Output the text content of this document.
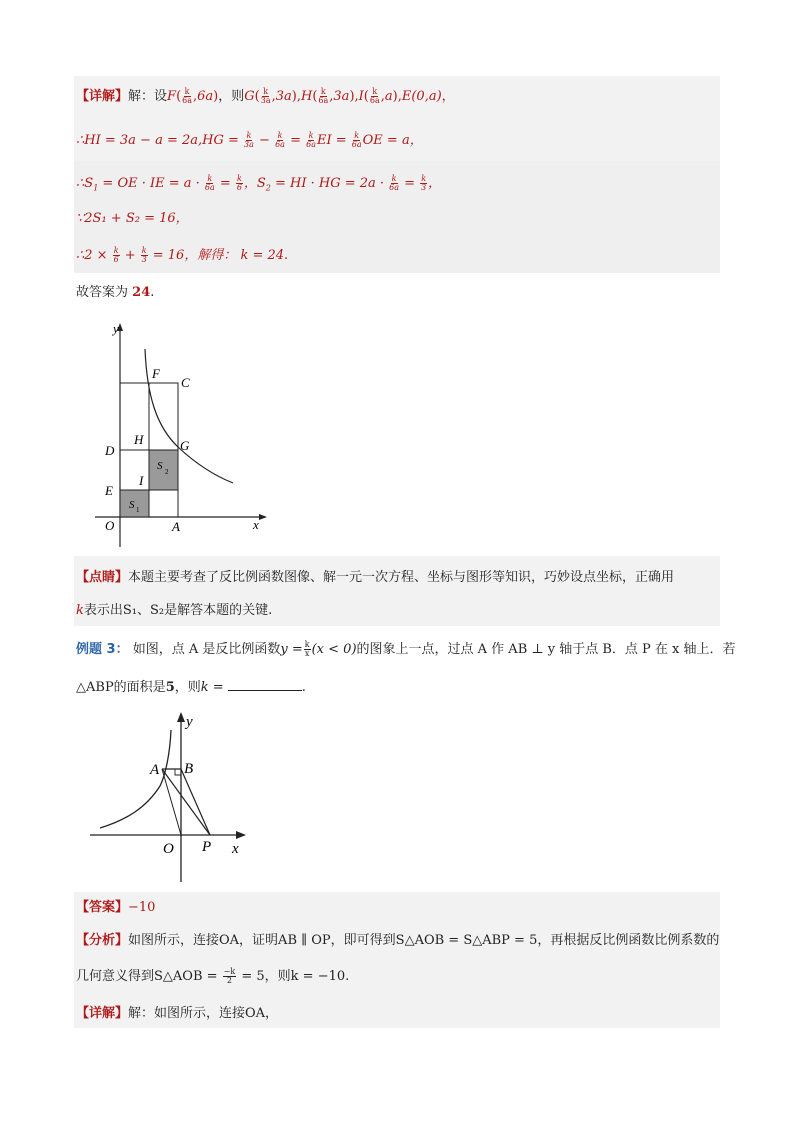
【详解】解：设$F( \frac{k}{6a} ,6a)$，则$G( \frac{k}{3a} ,3a),H( \frac{k}{6a} ,3a),I( \frac{k}{6a} ,a),E(0,a)$，
∴HI = $3a - a = 2a,HG = \frac{k}{3a} - \frac{k}{6a} = \frac{k}{6a}$ EI = $\frac{k}{6a}$ OE = a，
$\therefore S_1$ = OE · IE = $a \cdot \frac{k}{6a} = \frac{k}{6}$ ，$S_2$ = HI · HG = $2a \cdot \frac{k}{6a} = \frac{k}{3}$ ，
∵2S₁ + S₂ = 16，
∴2 × $\frac{k}{6} + \frac{k}{3} = 16$，解得： k = 24.
故答案为 24.
y
x
O	A
C
D
E
F
G
H
I
S 1
S 2
【点睛】本题主要考查了反比例函数图像、解一元一次方程、坐标与图形等知识，巧妙设点坐标，正确用
k表示出S₁、S₂是解答本题的关键.
例题 3： 如图，点 A 是反比例函数$y = \frac{k}{x} (x < 0)$的图象上一点，过点 A 作 AB ⊥ y 轴于点 B．点 P 在 x 轴上．若
△ABP的面积是5，则k =	.
y
x
O
A B
P
【答案】−10
【分析】如图所示，连接OA，证明AB ∥ OP，即可得到S△AOB = S△ABP = 5，再根据反比例函数比例系数的
几何意义得到S△AOB = $\frac{-k}{2} = 5$，则k = −10.
【详解】解：如图所示，连接OA，
